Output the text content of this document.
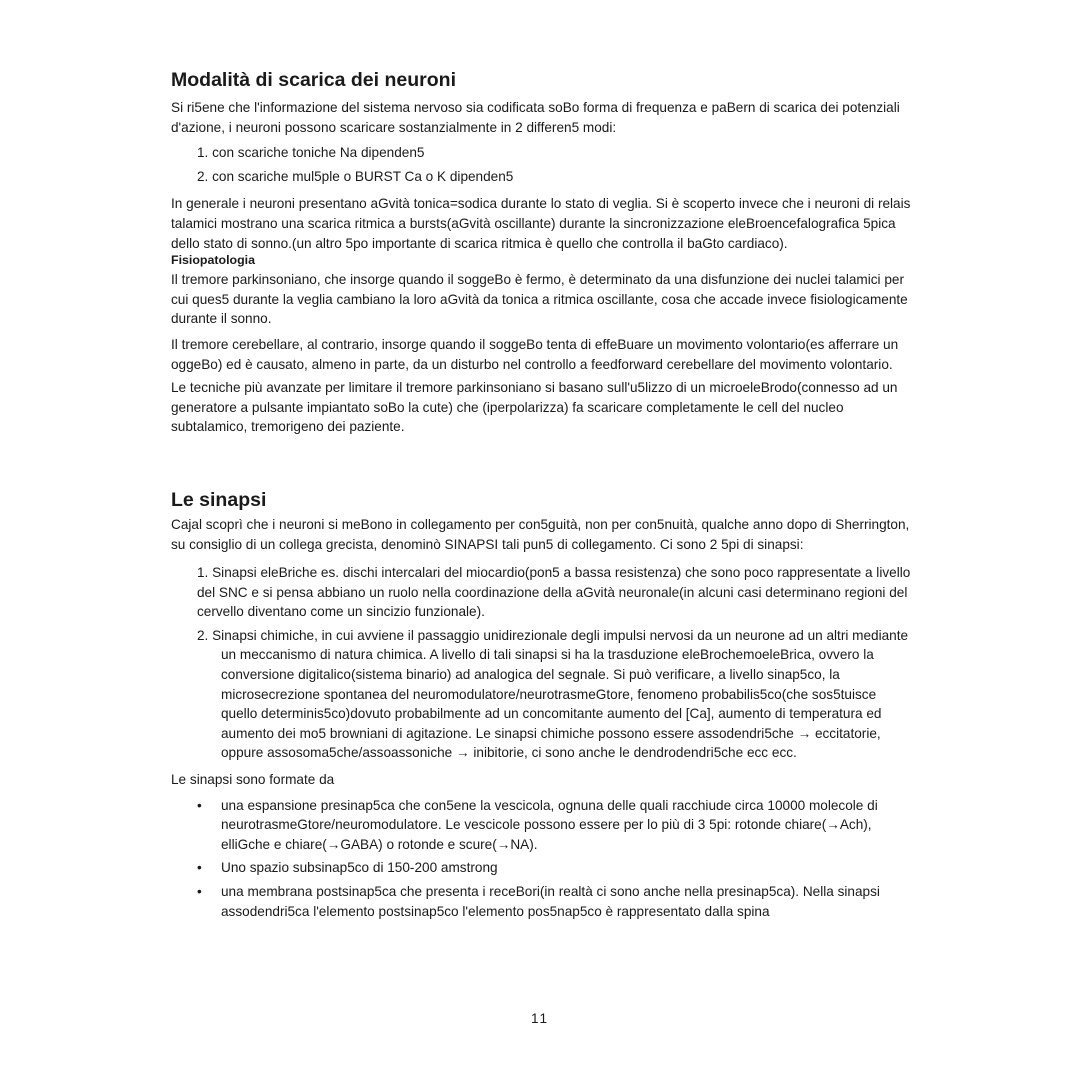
Modalità di scarica dei neuroni

Si ri5ene che l'informazione del sistema nervoso sia codificata soBo forma di frequenza e paBern di scarica dei potenziali d'azione, i neuroni possono scaricare sostanzialmente in 2 differen5 modi:

1. con scariche toniche Na dipenden5
2. con scariche mul5ple o BURST Ca o K dipenden5

In generale i neuroni presentano aGvità tonica=sodica durante lo stato di veglia. Si è scoperto invece che i neuroni di relais talamici mostrano una scarica ritmica a bursts(aGvità oscillante) durante la sincronizzazione eleBroencefalografica 5pica dello stato di sonno.(un altro 5po importante di scarica ritmica è quello che controlla il baGto cardiaco).

Fisiopatologia

Il tremore parkinsoniano, che insorge quando il soggeBo è fermo, è determinato da una disfunzione dei nuclei talamici per cui ques5 durante la veglia cambiano la loro aGvità da tonica a ritmica oscillante, cosa che accade invece fisiologicamente durante il sonno.

Il tremore cerebellare, al contrario, insorge quando il soggeBo tenta di effeBuare un movimento volontario(es afferrare un oggeBo) ed è causato, almeno in parte, da un disturbo nel controllo a feedforward cerebellare del movimento volontario.

Le tecniche più avanzate per limitare il tremore parkinsoniano si basano sull'u5lizzo di un microeleBrodo(connesso ad un generatore a pulsante impiantato soBo la cute) che (iperpolarizza) fa scaricare completamente le cell del nucleo subtalamico, tremorigeno dei paziente.

Le sinapsi

Cajal scoprì che i neuroni si meBono in collegamento per con5guità, non per con5nuità, qualche anno dopo di Sherrington, su consiglio di un collega grecista, denominò SINAPSI tali pun5 di collegamento. Ci sono 2 5pi di sinapsi:

1. Sinapsi eleBriche es. dischi intercalari del miocardio(pon5 a bassa resistenza) che sono poco rappresentate a livello del SNC e si pensa abbiano un ruolo nella coordinazione della aGvità neuronale(in alcuni casi determinano regioni del cervello diventano come un sincizio funzionale).
2. Sinapsi chimiche, in cui avviene il passaggio unidirezionale degli impulsi nervosi da un neurone ad un altri mediante un meccanismo di natura chimica. A livello di tali sinapsi si ha la trasduzione eleBrochemoeleBrica, ovvero la conversione digitalico(sistema binario) ad analogica del segnale. Si può verificare, a livello sinap5co, la microsecrezione spontanea del neuromodulatore/neurotrasmeGtore, fenomeno probabilis5co(che sos5tuisce quello determinis5co)dovuto probabilmente ad un concomitante aumento del [Ca], aumento di temperatura ed aumento dei mo5 browniani di agitazione. Le sinapsi chimiche possono essere assodendri5che → eccitatorie, oppure assosoma5che/assoassoniche → inibitorie, ci sono anche le dendrodendri5che ecc ecc.

Le sinapsi sono formate da

• una espansione presinap5ca che con5ene la vescicola, ognuna delle quali racchiude circa 10000 molecole di neurotrasmeGtore/neuromodulatore. Le vescicole possono essere per lo più di 3 5pi: rotonde chiare(→Ach), elliGche e chiare(→GABA) o rotonde e scure(→NA).
• Uno spazio subsinap5co di 150-200 amstrong
• una membrana postsinap5ca che presenta i receBori(in realtà ci sono anche nella presinap5ca). Nella sinapsi assodendri5ca l'elemento postsinap5co l'elemento pos5nap5co è rappresentato dalla spina
11
